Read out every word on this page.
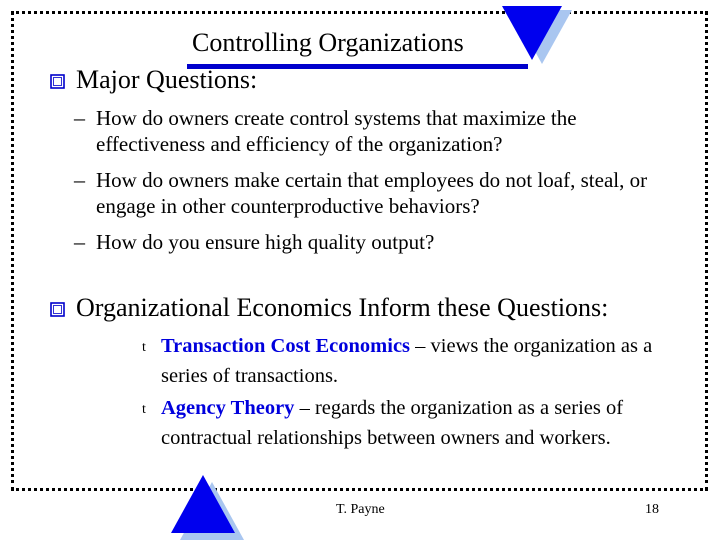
Controlling Organizations
Major Questions:
– How do owners create control systems that maximize the effectiveness and efficiency of the organization?
– How do owners make certain that employees do not loaf, steal, or engage in other counterproductive behaviors?
– How do you ensure high quality output?
Organizational Economics Inform these Questions:
t Transaction Cost Economics – views the organization as a series of transactions.
t Agency Theory – regards the organization as a series of contractual relationships between owners and workers.
T. Payne	18
